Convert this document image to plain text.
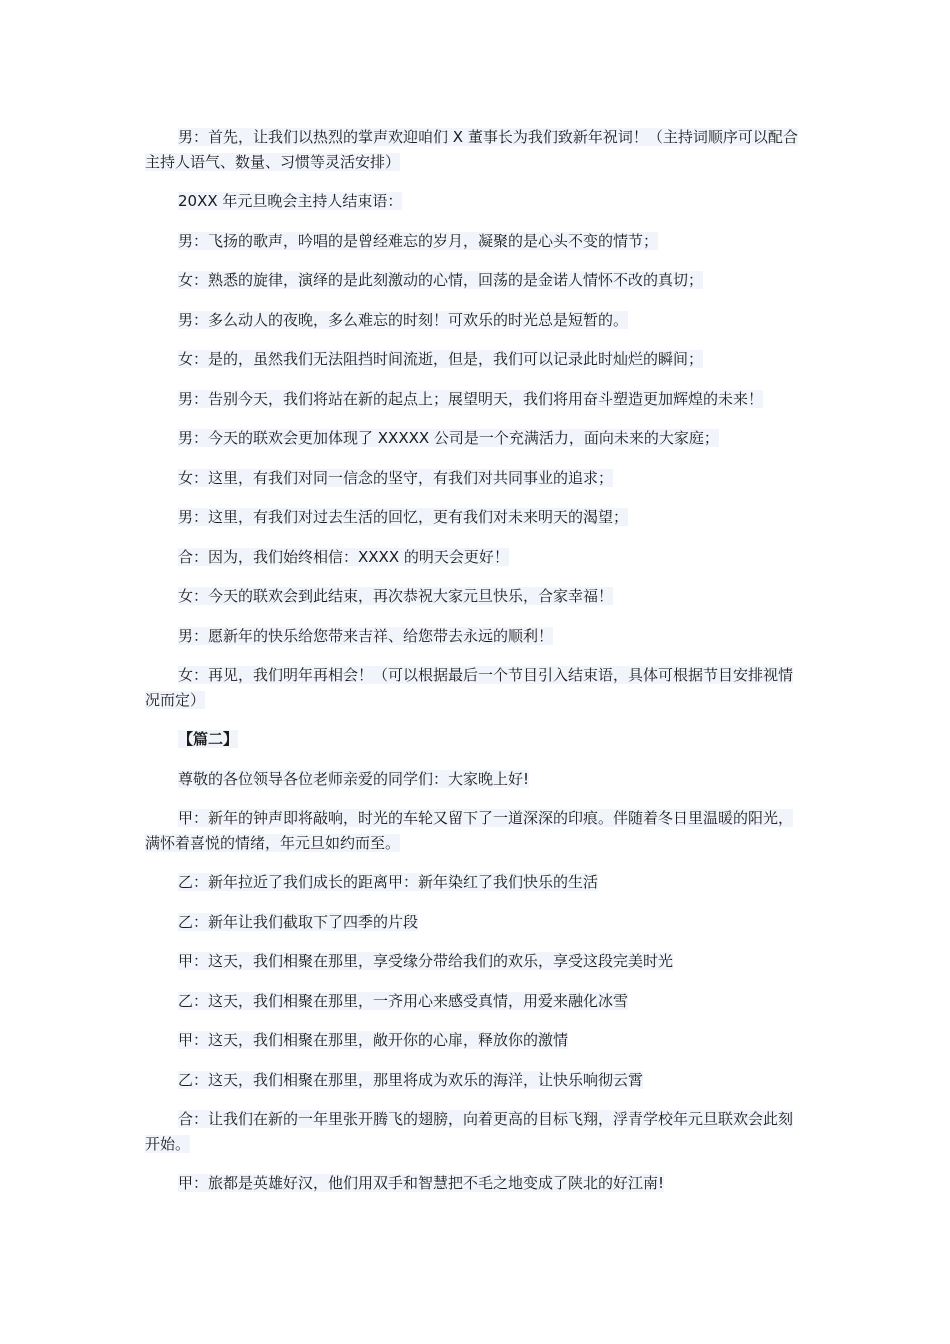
男：首先，让我们以热烈的掌声欢迎咱们 X 董事长为我们致新年祝词！（主持词顺序可以配合主持人语气、数量、习惯等灵活安排）

20XX 年元旦晚会主持人结束语：

男：飞扬的歌声，吟唱的是曾经难忘的岁月，凝聚的是心头不变的情节；

女：熟悉的旋律，演绎的是此刻激动的心情，回荡的是金诺人情怀不改的真切；

男：多么动人的夜晚，多么难忘的时刻！可欢乐的时光总是短暂的。

女：是的，虽然我们无法阻挡时间流逝，但是，我们可以记录此时灿烂的瞬间；

男：告别今天，我们将站在新的起点上；展望明天，我们将用奋斗塑造更加辉煌的未来！

男：今天的联欢会更加体现了 XXXXX 公司是一个充满活力，面向未来的大家庭；

女：这里，有我们对同一信念的坚守，有我们对共同事业的追求；

男：这里，有我们对过去生活的回忆，更有我们对未来明天的渴望；

合：因为，我们始终相信：XXXX 的明天会更好！

女：今天的联欢会到此结束，再次恭祝大家元旦快乐，合家幸福！

男：愿新年的快乐给您带来吉祥、给您带去永远的顺利！

女：再见，我们明年再相会！（可以根据最后一个节目引入结束语，具体可根据节目安排视情况而定）

【篇二】

尊敬的各位领导各位老师亲爱的同学们：大家晚上好!

甲：新年的钟声即将敲响，时光的车轮又留下了一道深深的印痕。伴随着冬日里温暖的阳光，满怀着喜悦的情绪，年元旦如约而至。

乙：新年拉近了我们成长的距离甲：新年染红了我们快乐的生活

乙：新年让我们截取下了四季的片段

甲：这天，我们相聚在那里，享受缘分带给我们的欢乐，享受这段完美时光

乙：这天，我们相聚在那里，一齐用心来感受真情，用爱来融化冰雪

甲：这天，我们相聚在那里，敞开你的心扉，释放你的激情

乙：这天，我们相聚在那里，那里将成为欢乐的海洋，让快乐响彻云霄

合：让我们在新的一年里张开腾飞的翅膀，向着更高的目标飞翔，浮青学校年元旦联欢会此刻开始。

甲：旅都是英雄好汉，他们用双手和智慧把不毛之地变成了陕北的好江南!
